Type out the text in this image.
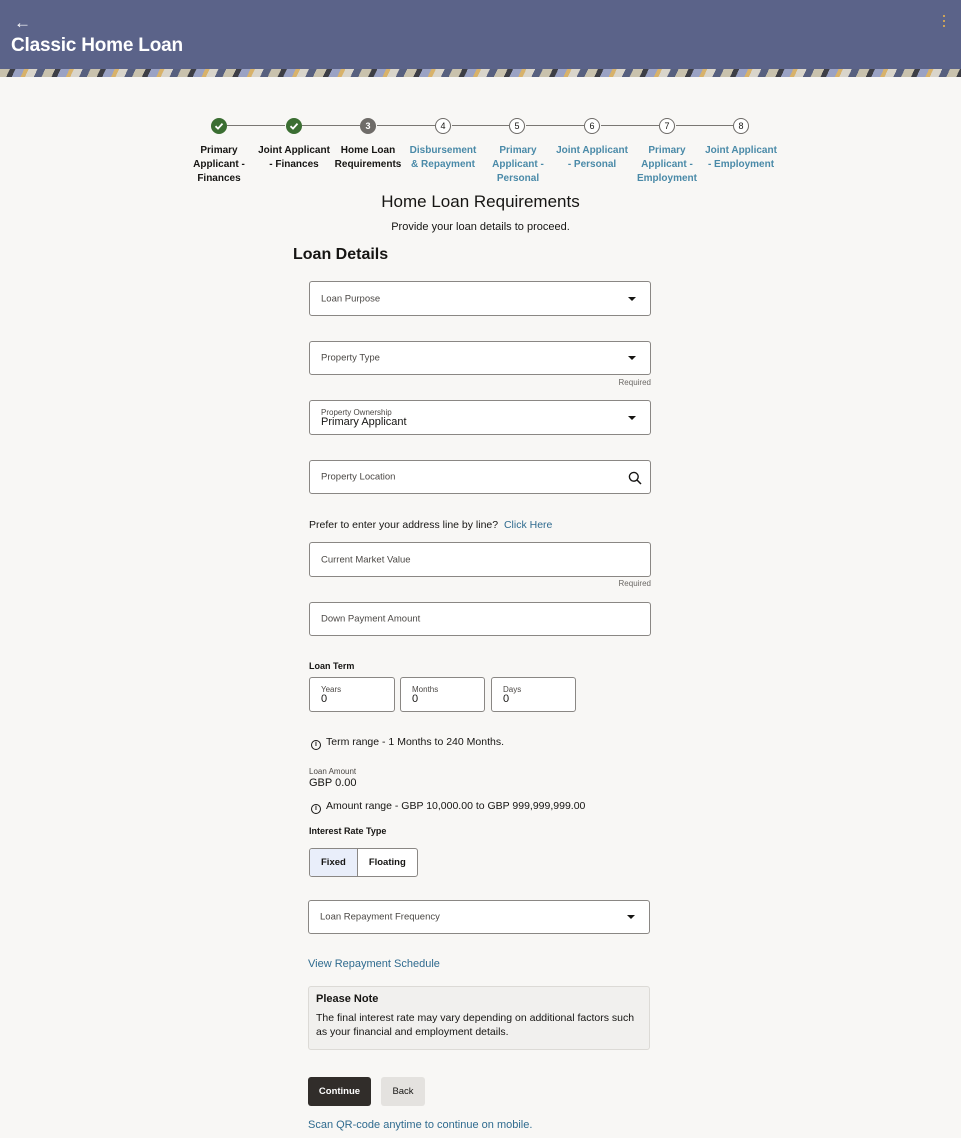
←
Classic Home Loan
3	4	5	6	7	8
Primary Applicant - Finances
Joint Applicant - Finances
Home Loan Requirements
Disbursement & Repayment
Primary Applicant - Personal
Joint Applicant - Personal
Primary Applicant - Employment
Joint Applicant - Employment
Home Loan Requirements
Provide your loan details to proceed.
Loan Details
Loan Purpose
Property Type
Required
Property Ownership
Primary Applicant
Property Location
Prefer to enter your address line by line? Click Here
Current Market Value
Required
Down Payment Amount
Loan Term
Years
0
Months
0
Days
0
i Term range - 1 Months to 240 Months.
Loan Amount
GBP 0.00
i Amount range - GBP 10,000.00 to GBP 999,999,999.00
Interest Rate Type
Fixed	Floating
Loan Repayment Frequency
View Repayment Schedule
Please Note
The final interest rate may vary depending on additional factors such as your financial and employment details.
Continue	Back
Scan QR-code anytime to continue on mobile.
